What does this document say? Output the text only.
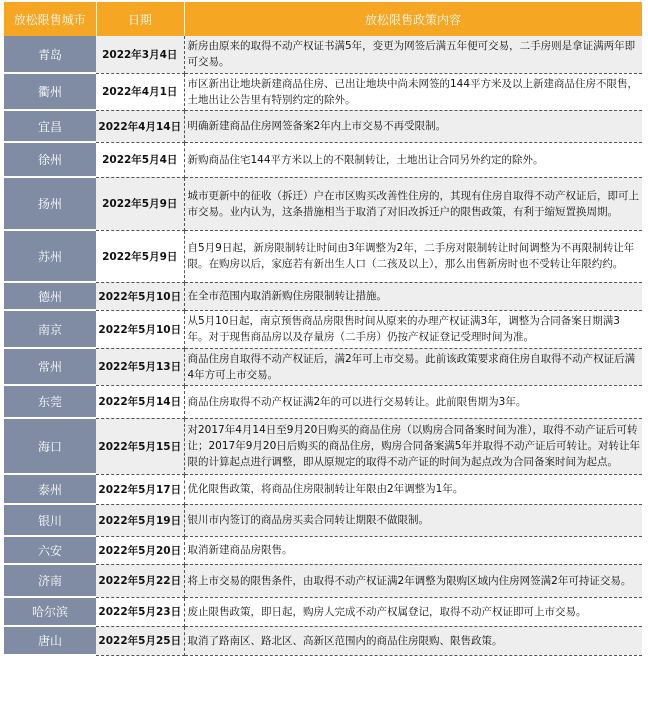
放松限售城市	日期	放松限售政策内容
青岛	2022年3月4日	新房由原来的取得不动产权证书满5年，变更为网签后满五年便可交易，二手房则是拿证满两年即可交易。
衢州	2022年4月1日	市区新出让地块新建商品住房、已出让地块中尚未网签的144平方米及以上新建商品住房不限售，土地出让公告里有特别约定的除外。
宜昌	2022年4月14日	明确新建商品住房网签备案2年内上市交易不再受限制。
徐州	2022年5月4日	新购商品住宅144平方米以上的不限制转让，土地出让合同另外约定的除外。
扬州	2022年5月9日	城市更新中的征收（拆迁）户在市区购买改善性住房的，其现有住房自取得不动产权证后，即可上市交易。业内认为，这条措施相当于取消了对旧改拆迁户的限售政策，有利于缩短置换周期。
苏州	2022年5月9日	自5月9日起，新房限制转让时间由3年调整为2年，二手房对限制转让时间调整为不再限制转让年限。在购房以后，家庭若有新出生人口（二孩及以上），那么出售新房时也不受转让年限约约。
德州	2022年5月10日	在全市范围内取消新购住房限制转让措施。
南京	2022年5月10日	从5月10日起，南京预售商品房限售时间从原来的办理产权证满3年，调整为合同备案日期满3年。对于现售商品房以及存量房（二手房）仍按产权证登记受理时间为准。
常州	2022年5月13日	商品住房自取得不动产权证后，满2年可上市交易。此前该政策要求商住房自取得不动产权证后满4年方可上市交易。
东莞	2022年5月14日	商品住房取得不动产权证满2年的可以进行交易转让。此前限售期为3年。
海口	2022年5月15日	对2017年4月14日至9月20日购买的商品住房（以购房合同备案时间为准），取得不动产证后可转让；2017年9月20日后购买的商品住房，购房合同备案满5年并取得不动产证后可转让。对转让年限的计算起点进行调整，即从原规定的取得不动产证的时间为起点改为合同备案时间为起点。
泰州	2022年5月17日	优化限售政策，将商品住房限制转让年限由2年调整为1年。
银川	2022年5月19日	银川市内签订的商品房买卖合同转让期限不做限制。
六安	2022年5月20日	取消新建商品房限售。
济南	2022年5月22日	将上市交易的限售条件，由取得不动产权证满2年调整为限购区域内住房网签满2年可持证交易。
哈尔滨	2022年5月23日	废止限售政策，即日起，购房人完成不动产权属登记，取得不动产权证即可上市交易。
唐山	2022年5月25日	取消了路南区、路北区、高新区范围内的商品住房限购、限售政策。
